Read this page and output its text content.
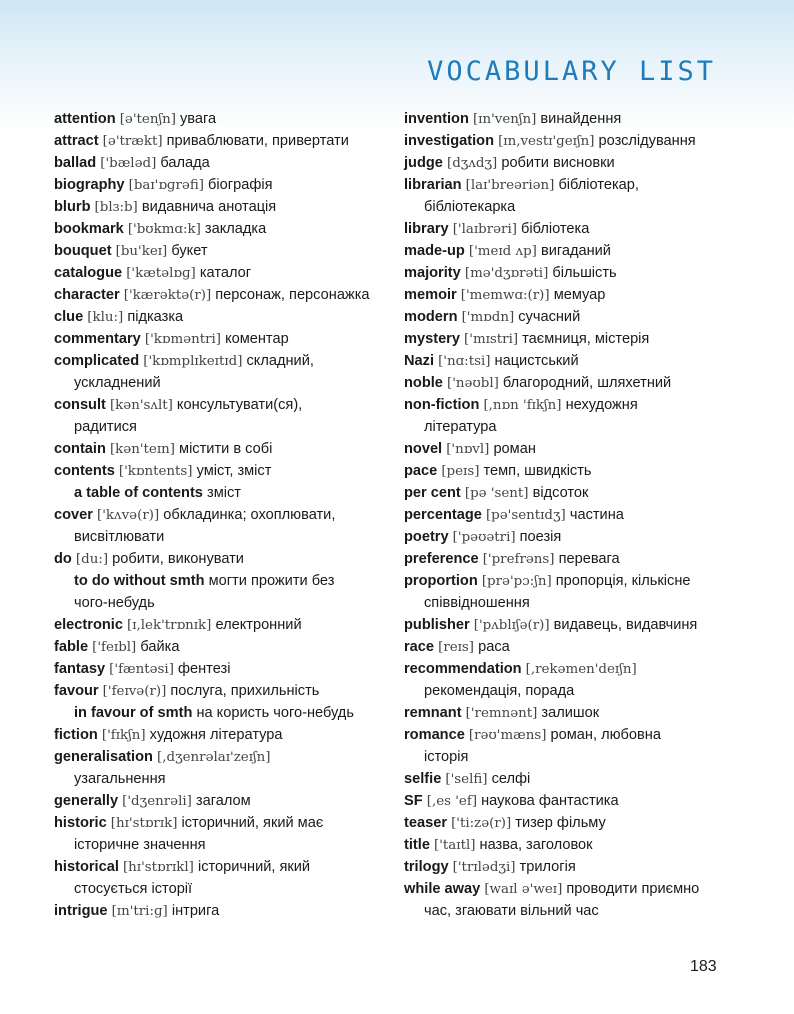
VOCABULARY LIST
attention [ə'tenʃn] увага
attract [ə'trækt] приваблювати, привертати
ballad ['bæləd] балада
biography [baɪ'ɒɡrəfi] біографія
blurb [blɜ:b] видавнича анотація
bookmark ['bʊkmɑ:k] закладка
bouquet [bu'keɪ] букет
catalogue ['kætəlɒɡ] каталог
character ['kærəktə(r)] персонаж, персонажка
clue [klu:] підказка
commentary ['kɒməntri] коментар
complicated ['kɒmplɪkeɪtɪd] складний,
ускладнений
consult [kən'sʌlt] консультувати(ся),
радитися
contain [kən'teɪn] містити в собі
contents ['kɒntents] уміст, зміст
a table of contents зміст
cover ['kʌvə(r)] обкладинка; охоплювати,
висвітлювати
do [du:] робити, виконувати
to do without smth могти прожити без
чого-небудь
electronic [ɪ,lek'trɒnɪk] електронний
fable ['feɪbl] байка
fantasy ['fæntəsi] фентезі
favour ['feɪvə(r)] послуга, прихильність
in favour of smth на користь чого-небудь
fiction ['fɪkʃn] художня література
generalisation [,dʒenrəlaɪ'zeɪʃn]
узагальнення
generally ['dʒenrəli] загалом
historic [hɪ'stɒrɪk] історичний, який має
історичне значення
historical [hɪ'stɒrɪkl] історичний, який
стосується історії
intrigue [ɪn'tri:ɡ] інтрига
invention [ɪn'venʃn] винайдення
investigation [ɪn,vestɪ'ɡeɪʃn] розслідування
judge [dʒʌdʒ] робити висновки
librarian [laɪ'breəriən] бібліотекар,
бібліотекарка
library ['laɪbrəri] бібліотека
made-up ['meɪd ʌp] вигаданий
majority [mə'dʒɒrəti] більшість
memoir ['memwɑ:(r)] мемуар
modern ['mɒdn] сучасний
mystery ['mɪstri] таємниця, містерія
Nazi ['nɑ:tsi] нацистський
noble ['nəʊbl] благородний, шляхетний
non-fiction [,nɒn 'fɪkʃn] нехудожня
література
novel ['nɒvl] роман
pace [peɪs] темп, швидкість
per cent [pə 'sent] відсоток
percentage [pə'sentɪdʒ] частина
poetry ['pəʊətri] поезія
preference ['prefrəns] перевага
proportion [prə'pɔ:ʃn] пропорція, кількісне
співвідношення
publisher ['pʌblɪʃə(r)] видавець, видавчиня
race [reɪs] раса
recommendation [,rekəmen'deɪʃn]
рекомендація, порада
remnant ['remnənt] залишок
romance [rəʊ'mæns] роман, любовна
історія
selfie ['selfi] селфі
SF [,es 'ef] наукова фантастика
teaser ['ti:zə(r)] тизер фільму
title ['taɪtl] назва, заголовок
trilogy ['trɪlədʒi] трилогія
while away [waɪl ə'weɪ] проводити приємно
час, згаювати вільний час
183
